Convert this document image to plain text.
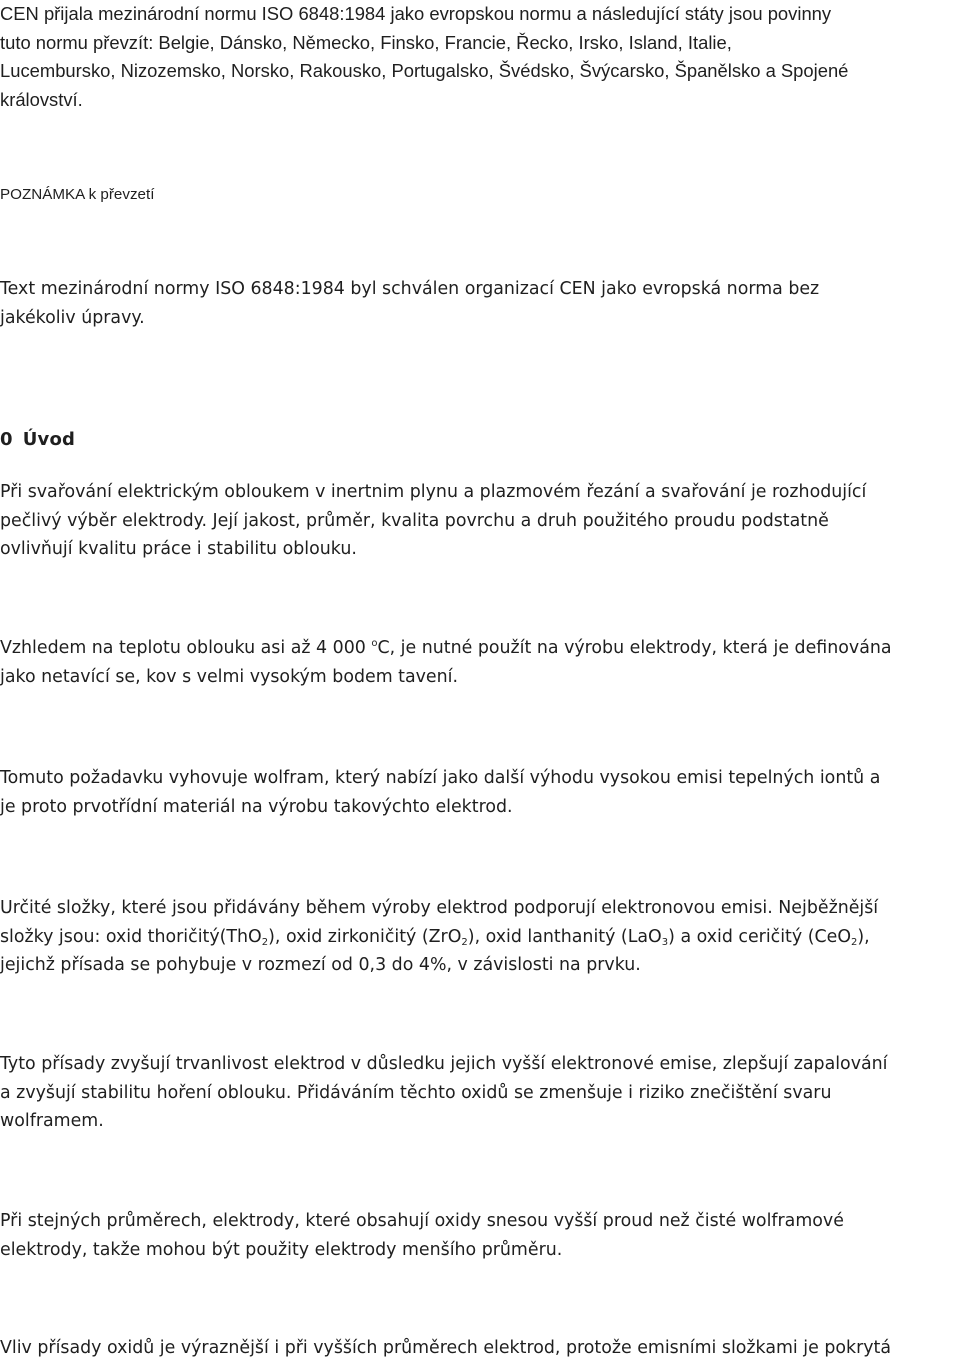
CEN přijala mezinárodní normu ISO 6848:1984 jako evropskou normu a následující státy jsou povinny
tuto normu převzít: Belgie, Dánsko, Německo, Finsko, Francie, Řecko, Irsko, Island, Italie,
Lucembursko, Nizozemsko, Norsko, Rakousko, Portugalsko, Švédsko, Švýcarsko, Španělsko a Spojené
království.

POZNÁMKA k převzetí

Text mezinárodní normy ISO 6848:1984 byl schválen organizací CEN jako evropská norma bez
jakékoliv úpravy.

0 Úvod

Při svařování elektrickým obloukem v inertnim plynu a plazmovém řezání a svařování je rozhodující
pečlivý výběr elektrody. Její jakost, průměr, kvalita povrchu a druh použitého proudu podstatně
ovlivňují kvalitu práce i stabilitu oblouku.

Vzhledem na teplotu oblouku asi až 4 000 $^o$C, je nutné použít na výrobu elektrody, která je definována
jako netavící se, kov s velmi vysokým bodem tavení.

Tomuto požadavku vyhovuje wolfram, který nabízí jako další výhodu vysokou emisi tepelných iontů a
je proto prvotřídní materiál na výrobu takovýchto elektrod.

Určité složky, které jsou přidávány během výroby elektrod podporují elektronovou emisi. Nejběžnější
složky jsou: oxid thoričitý(ThO$_2$), oxid zirkoničitý (ZrO$_2$), oxid lanthanitý (LaO$_3$) a oxid ceričitý (CeO$_2$),
jejichž přísada se pohybuje v rozmezí od 0,3 do 4%, v závislosti na prvku.

Tyto přísady zvyšují trvanlivost elektrod v důsledku jejich vyšší elektronové emise, zlepšují zapalování
a zvyšují stabilitu hoření oblouku. Přidáváním těchto oxidů se zmenšuje i riziko znečištění svaru
wolframem.

Při stejných průměrech, elektrody, které obsahují oxidy snesou vyšší proud než čisté wolframové
elektrody, takže mohou být použity elektrody menšího průměru.

Vliv přísady oxidů je výraznější i při vyšších průměrech elektrod, protože emisními složkami je pokrytá
